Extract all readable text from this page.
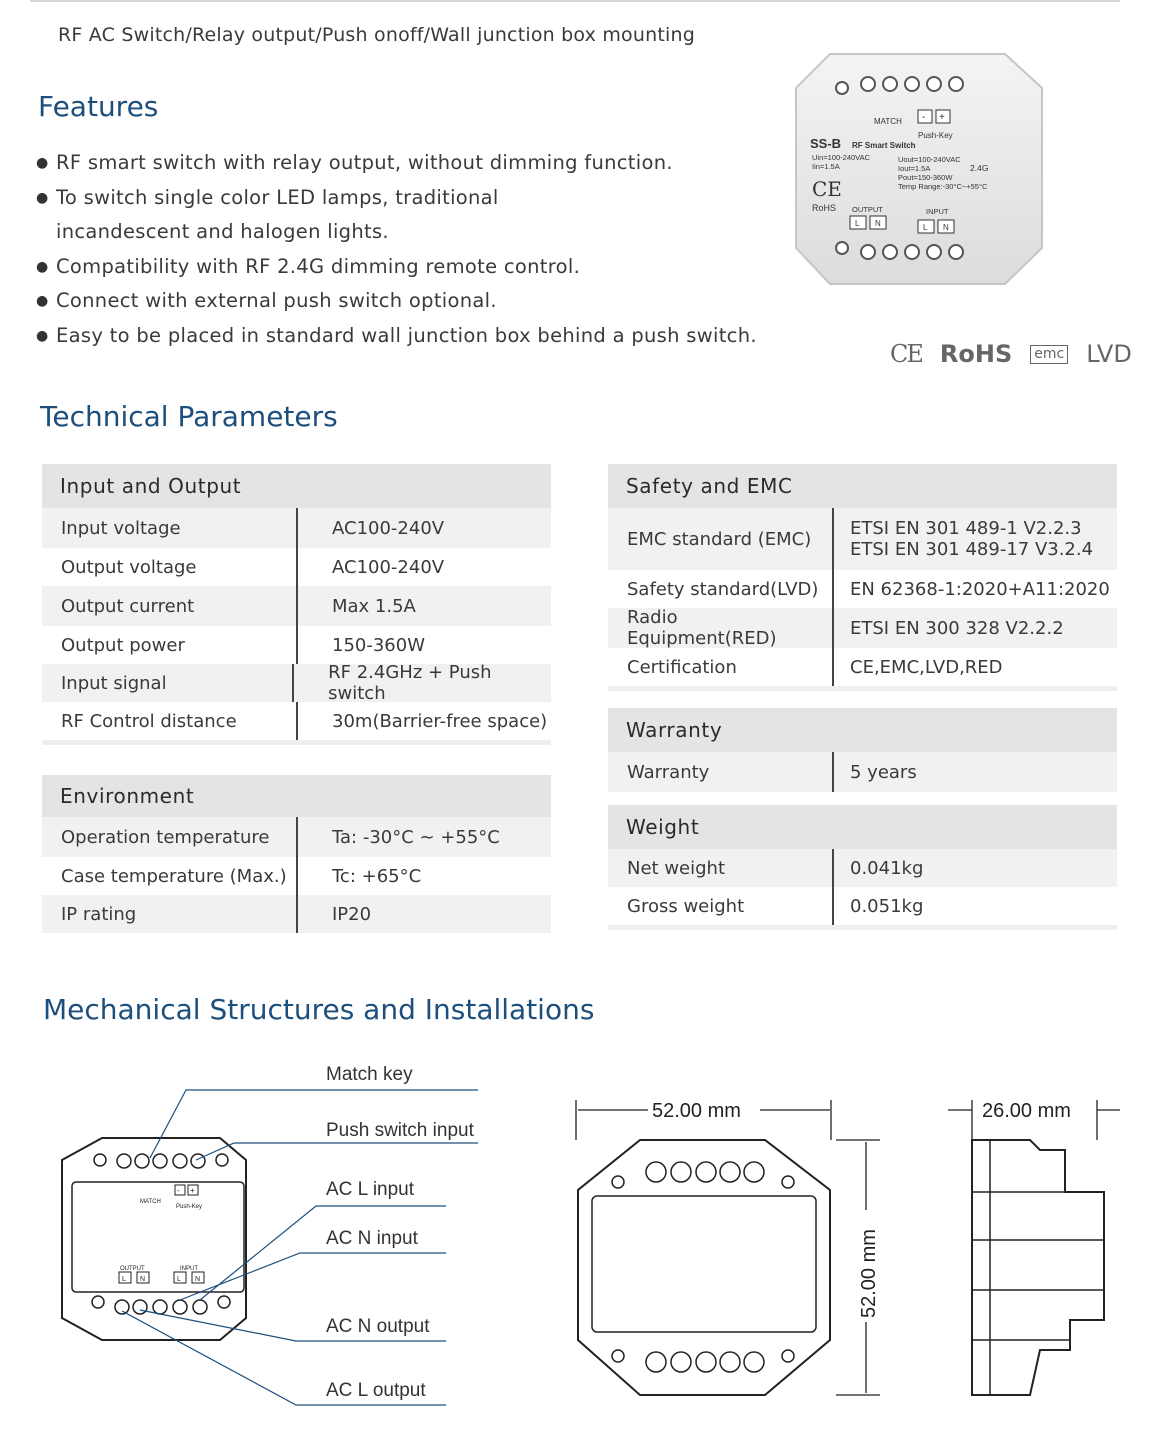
RF AC Switch/Relay output/Push onoff/Wall junction box mounting
Features
● RF smart switch with relay output, without dimming function.
● To switch single color LED lamps, traditional incandescent and halogen lights.
● Compatibility with RF 2.4G dimming remote control.
● Connect with external push switch optional.
● Easy to be placed in standard wall junction box behind a push switch.
MATCH - +
Push-Key
SS-B RF Smart Switch
Uin=100-240VAC
Iin=1.5A
Uout=100-240VAC
Iout=1.5A
Pout=150-360W
Temp Range:-30°C~+55°C
2.4G
CE
RoHS OUTPUT	INPUT
L N	L N
CE RoHS emc LVD
Technical Parameters
Input and Output
Input voltage	AC100-240V
Output voltage	AC100-240V
Output current	Max 1.5A
Output power	150-360W
Input signal	RF 2.4GHz + Push switch
RF Control distance	30m(Barrier-free space)
Environment
Operation temperature	Ta: -30°C ~ +55°C
Case temperature (Max.)	Tc: +65°C
IP rating	IP20
Safety and EMC
EMC standard (EMC)	ETSI EN 301 489-1 V2.2.3
ETSI EN 301 489-17 V3.2.4
Safety standard(LVD)	EN 62368-1:2020+A11:2020
Radio Equipment(RED)	ETSI EN 300 328 V2.2.2
Certification	CE,EMC,LVD,RED
Warranty
Warranty	5 years
Weight
Net weight	0.041kg
Gross weight	0.051kg
Mechanical Structures and Installations
MATCH
Push-Key
OUTPUT	INPUT
- +
L N	L N
Match key
Push switch input
AC L input
AC N input
AC N output
AC L output
52.00 mm
52.00 mm
26.00 mm
